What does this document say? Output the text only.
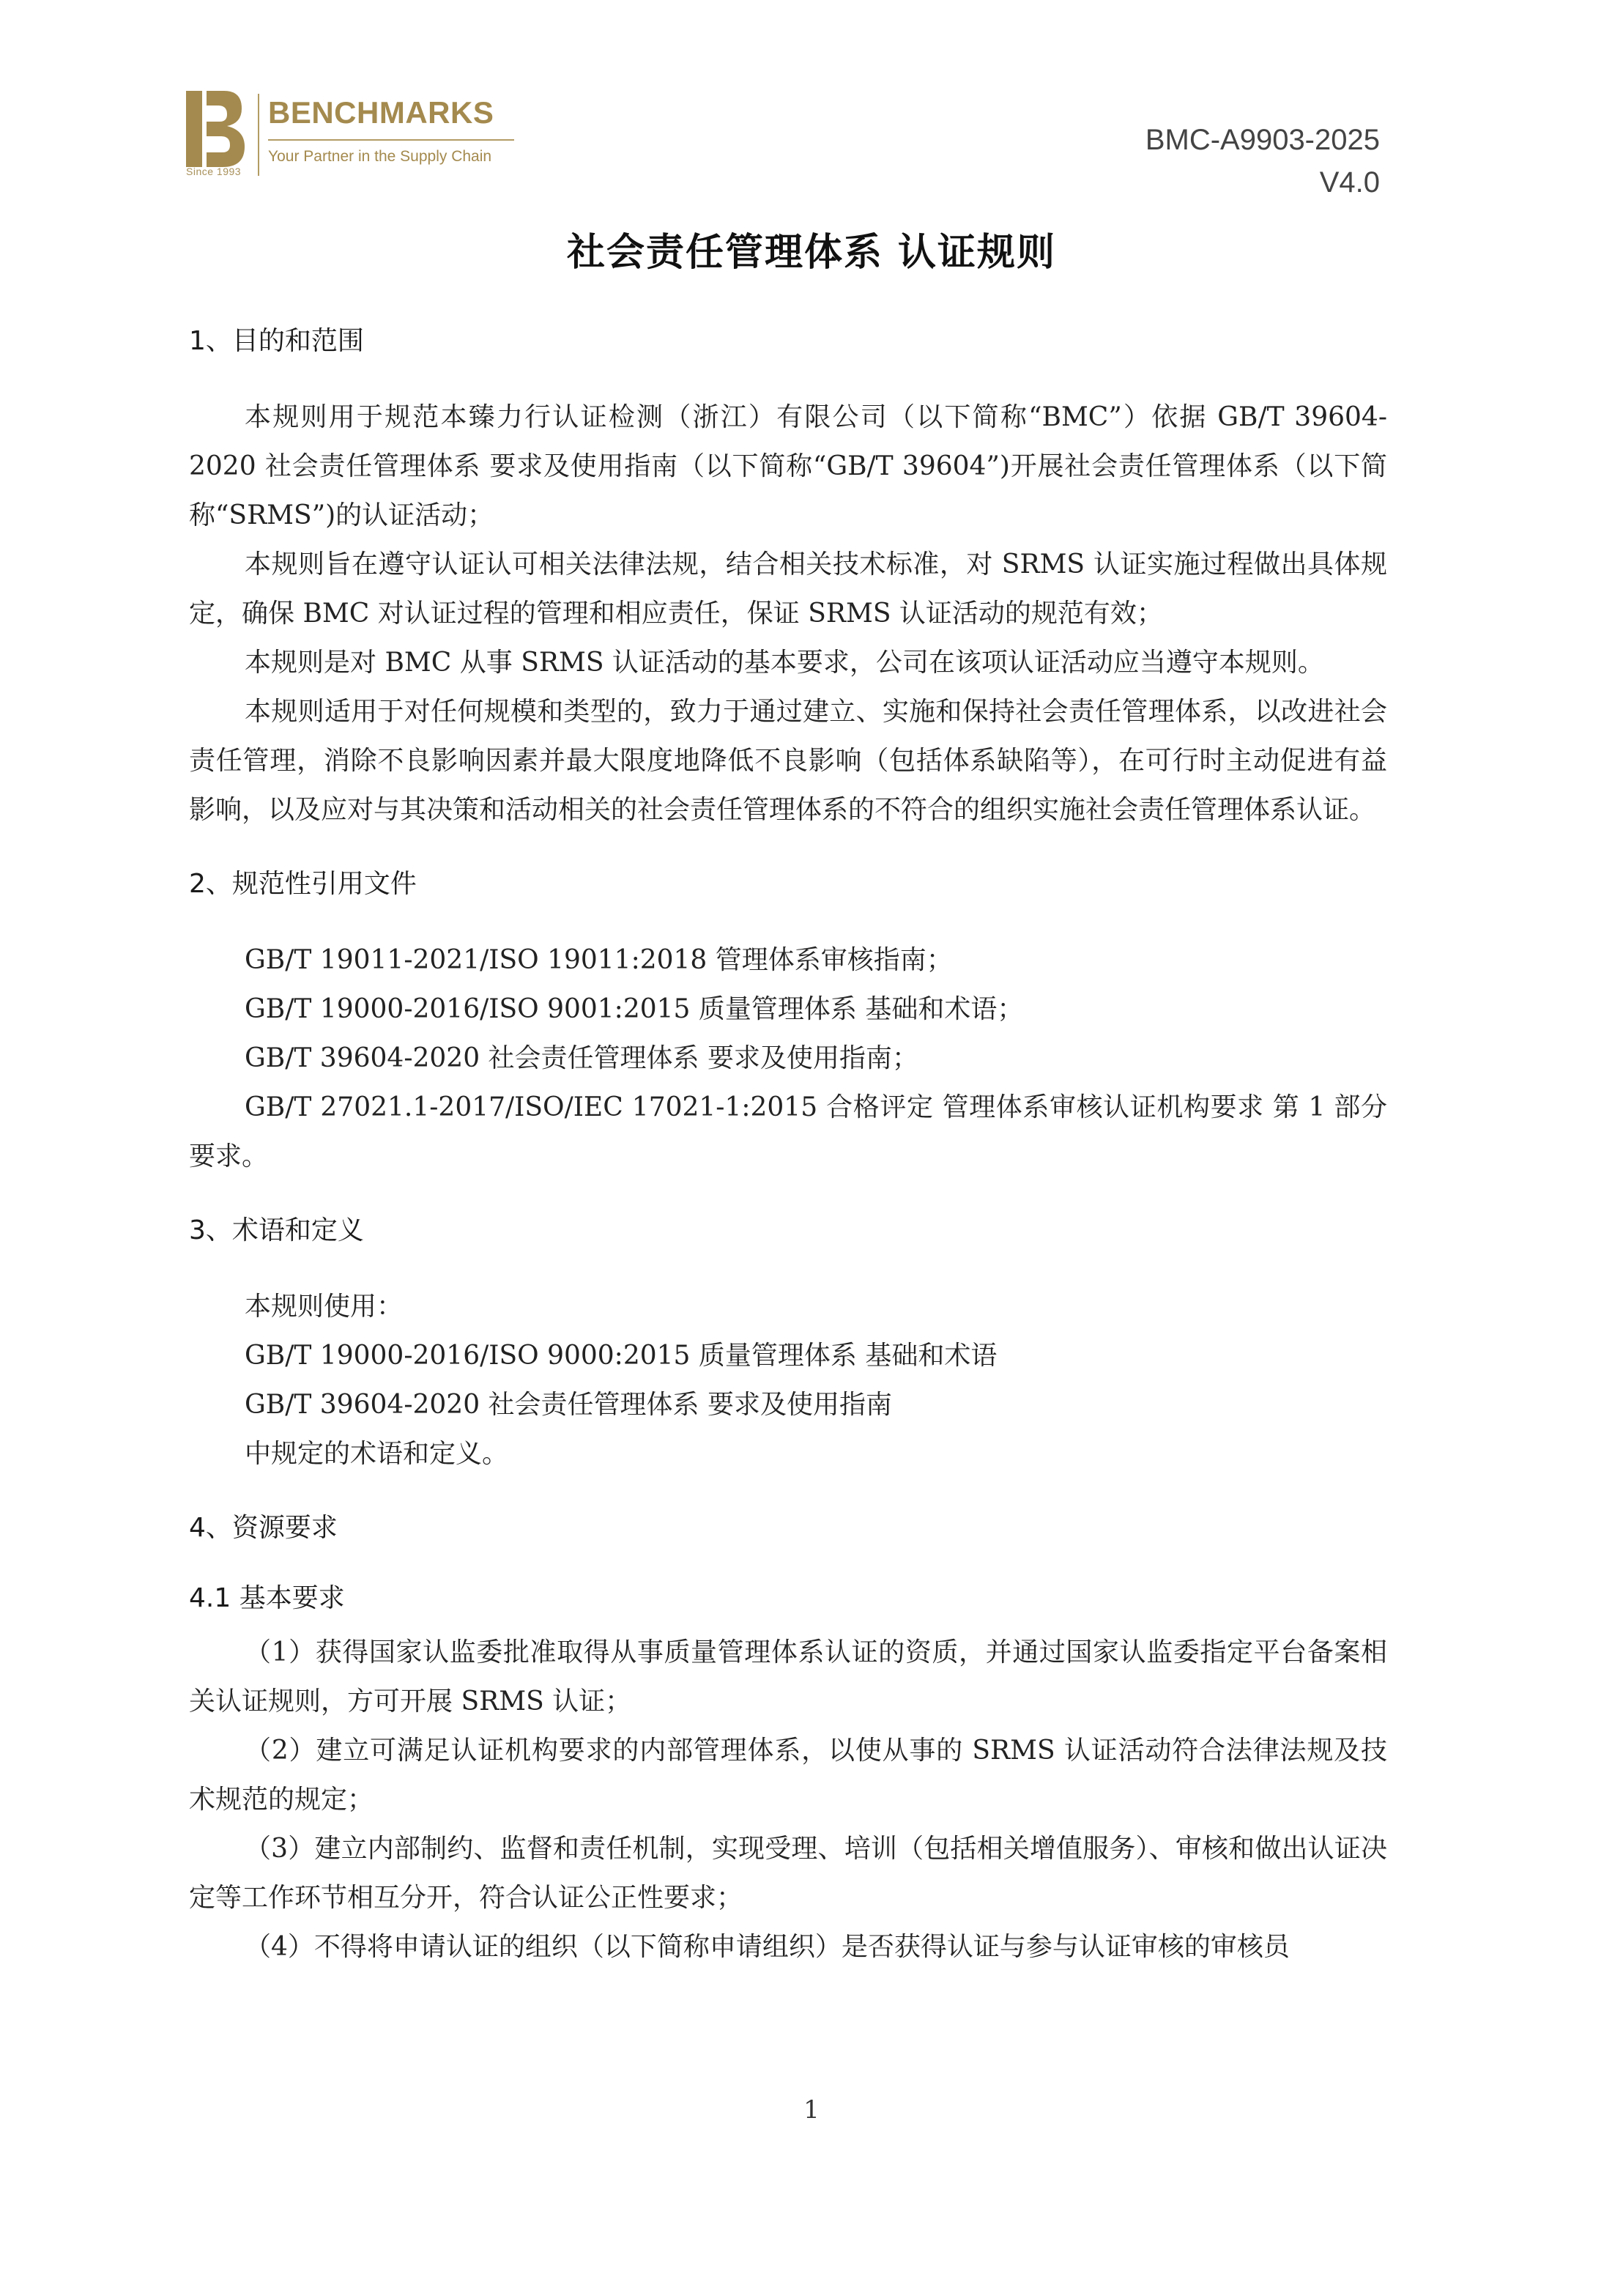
Since 1993
BENCHMARKS
Your Partner in the Supply Chain
BMC-A9903-2025
V4.0
社会责任管理体系 认证规则
1、目的和范围

本规则用于规范本臻力行认证检测（浙江）有限公司（以下简称“BMC”）依据 GB/T 39604-2020 社会责任管理体系 要求及使用指南（以下简称“GB/T 39604”)开展社会责任管理体系（以下简称“SRMS”)的认证活动；

本规则旨在遵守认证认可相关法律法规，结合相关技术标准，对 SRMS 认证实施过程做出具体规定，确保 BMC 对认证过程的管理和相应责任，保证 SRMS 认证活动的规范有效；

本规则是对 BMC 从事 SRMS 认证活动的基本要求，公司在该项认证活动应当遵守本规则。

本规则适用于对任何规模和类型的，致力于通过建立、实施和保持社会责任管理体系，以改进社会责任管理，消除不良影响因素并最大限度地降低不良影响（包括体系缺陷等），在可行时主动促进有益影响，以及应对与其决策和活动相关的社会责任管理体系的不符合的组织实施社会责任管理体系认证。

2、规范性引用文件

GB/T 19011-2021/ISO 19011:2018 管理体系审核指南；

GB/T 19000-2016/ISO 9001:2015 质量管理体系 基础和术语；

GB/T 39604-2020 社会责任管理体系 要求及使用指南；

GB/T 27021.1-2017/ISO/IEC 17021-1:2015 合格评定 管理体系审核认证机构要求 第 1 部分 要求。

3、术语和定义

本规则使用：

GB/T 19000-2016/ISO 9000:2015 质量管理体系 基础和术语

GB/T 39604-2020 社会责任管理体系 要求及使用指南

中规定的术语和定义。

4、资源要求
4.1 基本要求

（1）获得国家认监委批准取得从事质量管理体系认证的资质，并通过国家认监委指定平台备案相关认证规则，方可开展 SRMS 认证；

（2）建立可满足认证机构要求的内部管理体系，以使从事的 SRMS 认证活动符合法律法规及技术规范的规定；

（3）建立内部制约、监督和责任机制，实现受理、培训（包括相关增值服务）、审核和做出认证决定等工作环节相互分开，符合认证公正性要求；

（4）不得将申请认证的组织（以下简称申请组织）是否获得认证与参与认证审核的审核员

1
